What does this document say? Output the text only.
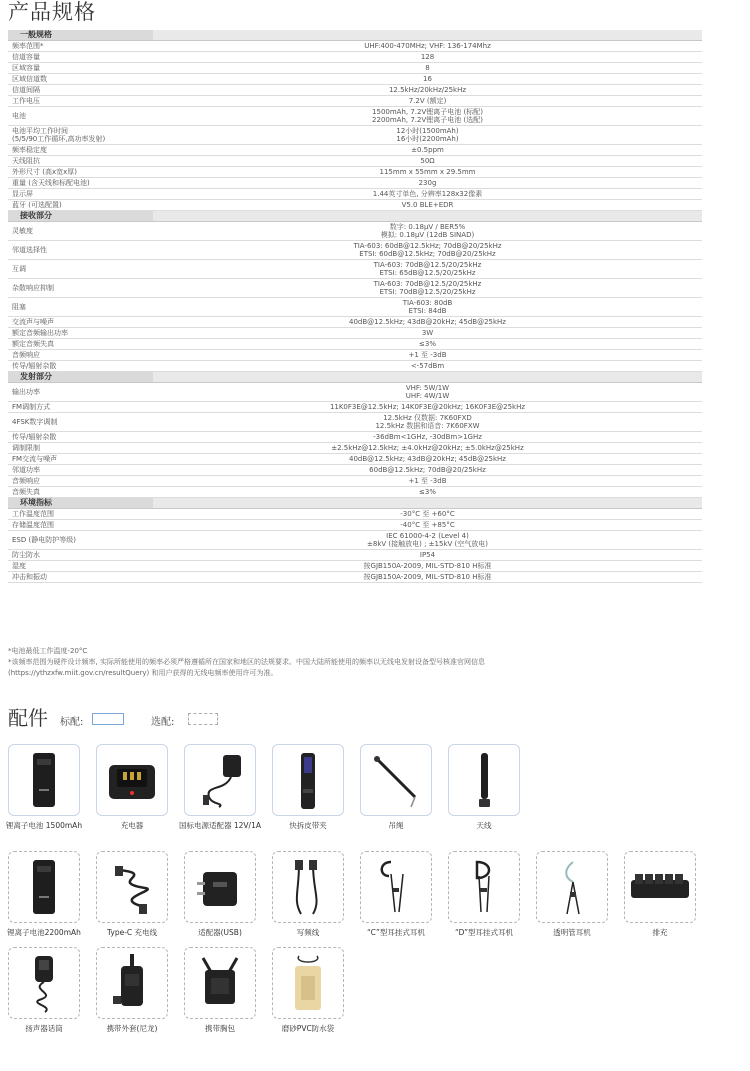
产品规格
一般规格	

频率范围*	UHF:400-470MHz; VHF: 136-174Mhz

信道容量	128

区域容量	8

区域信道数	16

信道间隔	12.5kHz/20kHz/25kHz

工作电压	7.2V (额定)

电池	1500mAh, 7.2V锂离子电池 (标配)
2200mAh, 7.2V锂离子电池 (选配)

电池平均工作时间
(5/5/90工作循环,高功率发射)	12小时(1500mAh)
16小时(2200mAh)

频率稳定度	±0.5ppm

天线阻抗	50Ω

外形尺寸 (高x宽x厚)	115mm x 55mm x 29.5mm

重量 (含天线和标配电池)	230g

显示屏	1.44英寸单色, 分辨率128x32像素

蓝牙 (可选配置)	V5.0 BLE+EDR

接收部分	

灵敏度	数字: 0.18μV / BER5%
模拟: 0.18μV (12dB SINAD)

邻道选择性	TIA-603: 60dB@12.5kHz; 70dB@20/25kHz
ETSI: 60dB@12.5kHz; 70dB@20/25kHz

互调	TIA-603: 70dB@12.5/20/25kHz
ETSI: 65dB@12.5/20/25kHz

杂散响应抑制	TIA-603: 70dB@12.5/20/25kHz
ETSI: 70dB@12.5/20/25kHz

阻塞	TIA-603: 80dB
ETSI: 84dB

交流声与噪声	40dB@12.5kHz; 43dB@20kHz; 45dB@25kHz

额定音频输出功率	3W

额定音频失真	≤3%

音频响应	+1 至 -3dB

传导/辐射杂散	<-57dBm

发射部分	

输出功率	VHF: 5W/1W
UHF: 4W/1W

FM调制方式	11K0F3E@12.5kHz; 14K0F3E@20kHz; 16K0F3E@25kHz

4FSK数字调制	12.5kHz 仅数据: 7K60FXD
12.5kHz 数据和语音: 7K60FXW

传导/辐射杂散	-36dBm<1GHz, -30dBm>1GHz

调制限制	±2.5kHz@12.5kHz; ±4.0kHz@20kHz; ±5.0kHz@25kHz

FM交流与噪声	40dB@12.5kHz; 43dB@20kHz; 45dB@25kHz

邻道功率	60dB@12.5kHz; 70dB@20/25kHz

音频响应	+1 至 -3dB

音频失真	≤3%

环境指标	

工作温度范围	-30°C 至 +60°C

存储温度范围	-40°C 至 +85°C

ESD (静电防护等级)	IEC 61000-4-2 (Level 4)
±8kV (接触放电) ; ±15kV (空气放电)

防尘防水	IP54

湿度	按GJB150A-2009, MIL-STD-810 H标准

冲击和振动	按GJB150A-2009, MIL-STD-810 H标准
*电池最低工作温度-20°C
*该频率范围为硬件设计频率, 实际所能使用的频率必须严格遵循所在国家和地区的法规要求。中国大陆所能使用的频率以无线电发射设备型号核准官网信息
(https://ythzxfw.miit.gov.cn/resultQuery) 和用户获得的无线电频率使用许可为准。
配件 标配:	选配:
锂离子电池 1500mAh	充电器	国标电源适配器 12V/1A	快拆皮带夹	吊绳	天线
锂离子电池2200mAh	Type-C 充电线	适配器(USB)	写频线	“C”型耳挂式耳机	“D”型耳挂式耳机	透明管耳机	排充
扬声器话筒	携带外套(尼龙)	携带胸包	磨砂PVC防水袋
